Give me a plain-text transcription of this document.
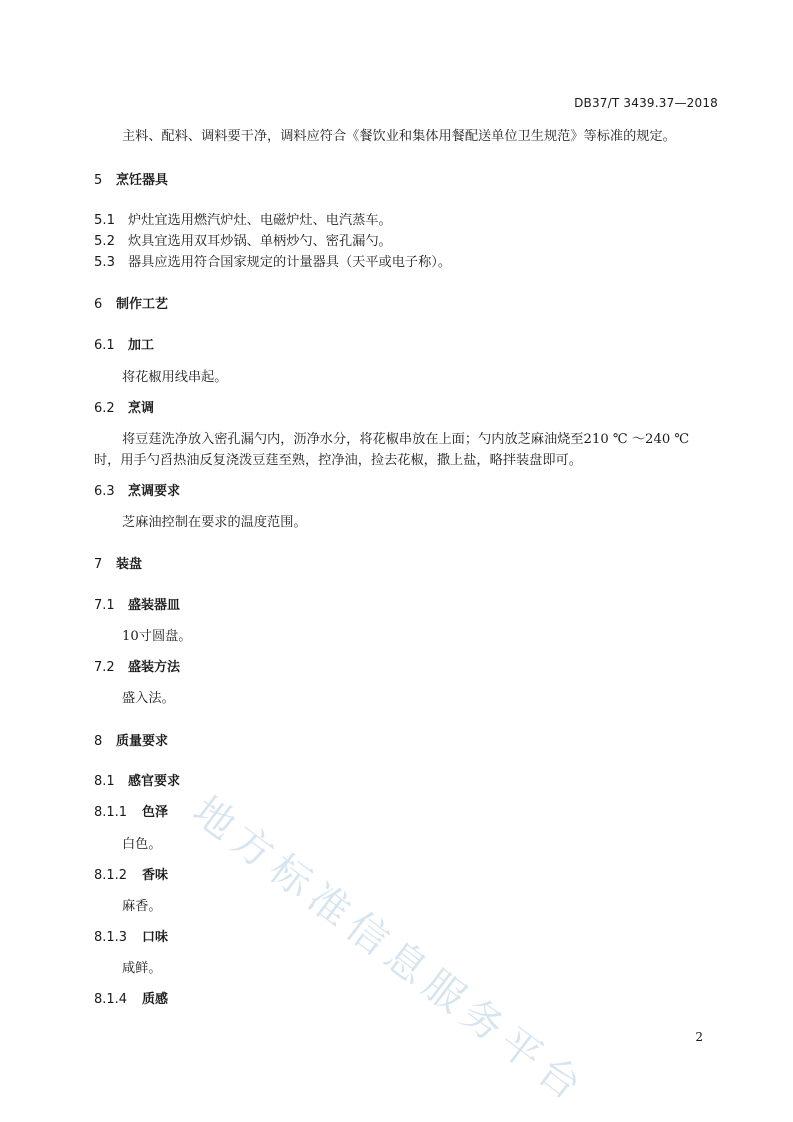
DB37/T 3439.37—2018
主料、配料、调料要干净，调料应符合《餐饮业和集体用餐配送单位卫生规范》等标准的规定。
5 烹饪器具
5.1 炉灶宜选用燃汽炉灶、电磁炉灶、电汽蒸车。
5.2 炊具宜选用双耳炒锅、单柄炒勺、密孔漏勺。
5.3 器具应选用符合国家规定的计量器具（天平或电子称）。
6 制作工艺
6.1 加工
将花椒用线串起。
6.2 烹调
将豆莛洗净放入密孔漏勺内，沥净水分，将花椒串放在上面；勺内放芝麻油烧至210 ℃ ～240 ℃
时，用手勺舀热油反复浇泼豆莛至熟，控净油，捡去花椒，撒上盐，略拌装盘即可。
6.3 烹调要求
芝麻油控制在要求的温度范围。
7 装盘
7.1 盛装器皿
10寸圆盘。
7.2 盛装方法
盛入法。
8 质量要求
8.1 感官要求
8.1.1 色泽
白色。
8.1.2 香味
麻香。
8.1.3 口味
咸鲜。
8.1.4 质感 地方标准信息服务平台	2
